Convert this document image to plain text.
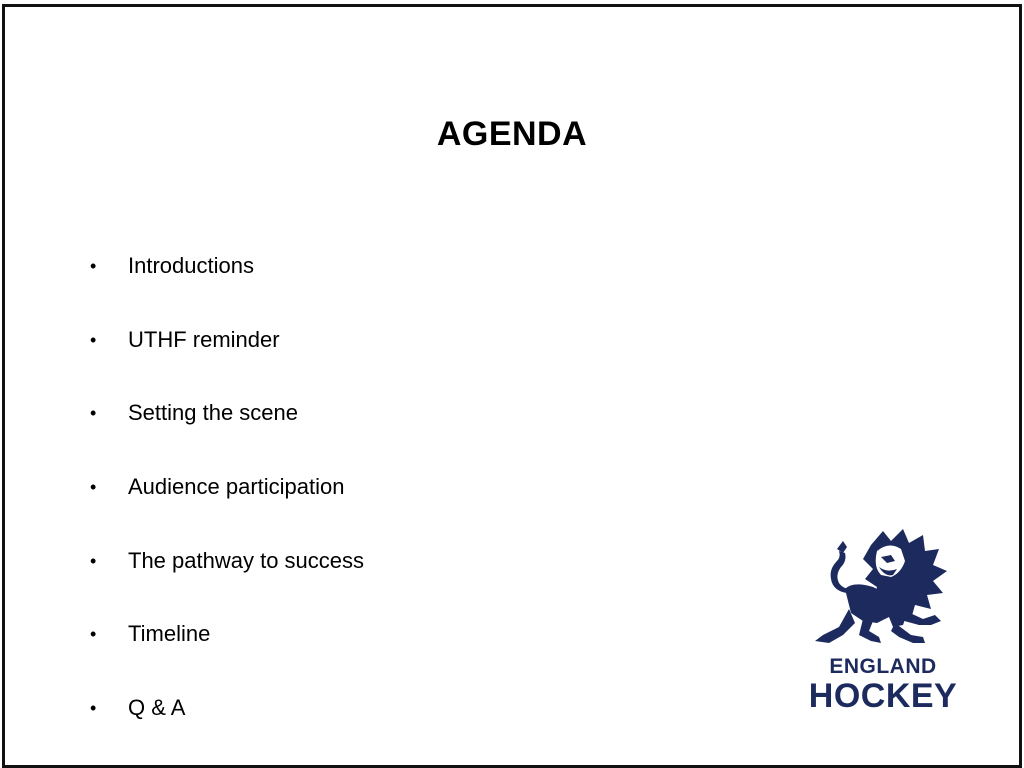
AGENDA
•	Introductions
•	UTHF reminder
•	Setting the scene
•	Audience participation
•	The pathway to success
•	Timeline
•	Q & A
ENGLAND
HOCKEY
